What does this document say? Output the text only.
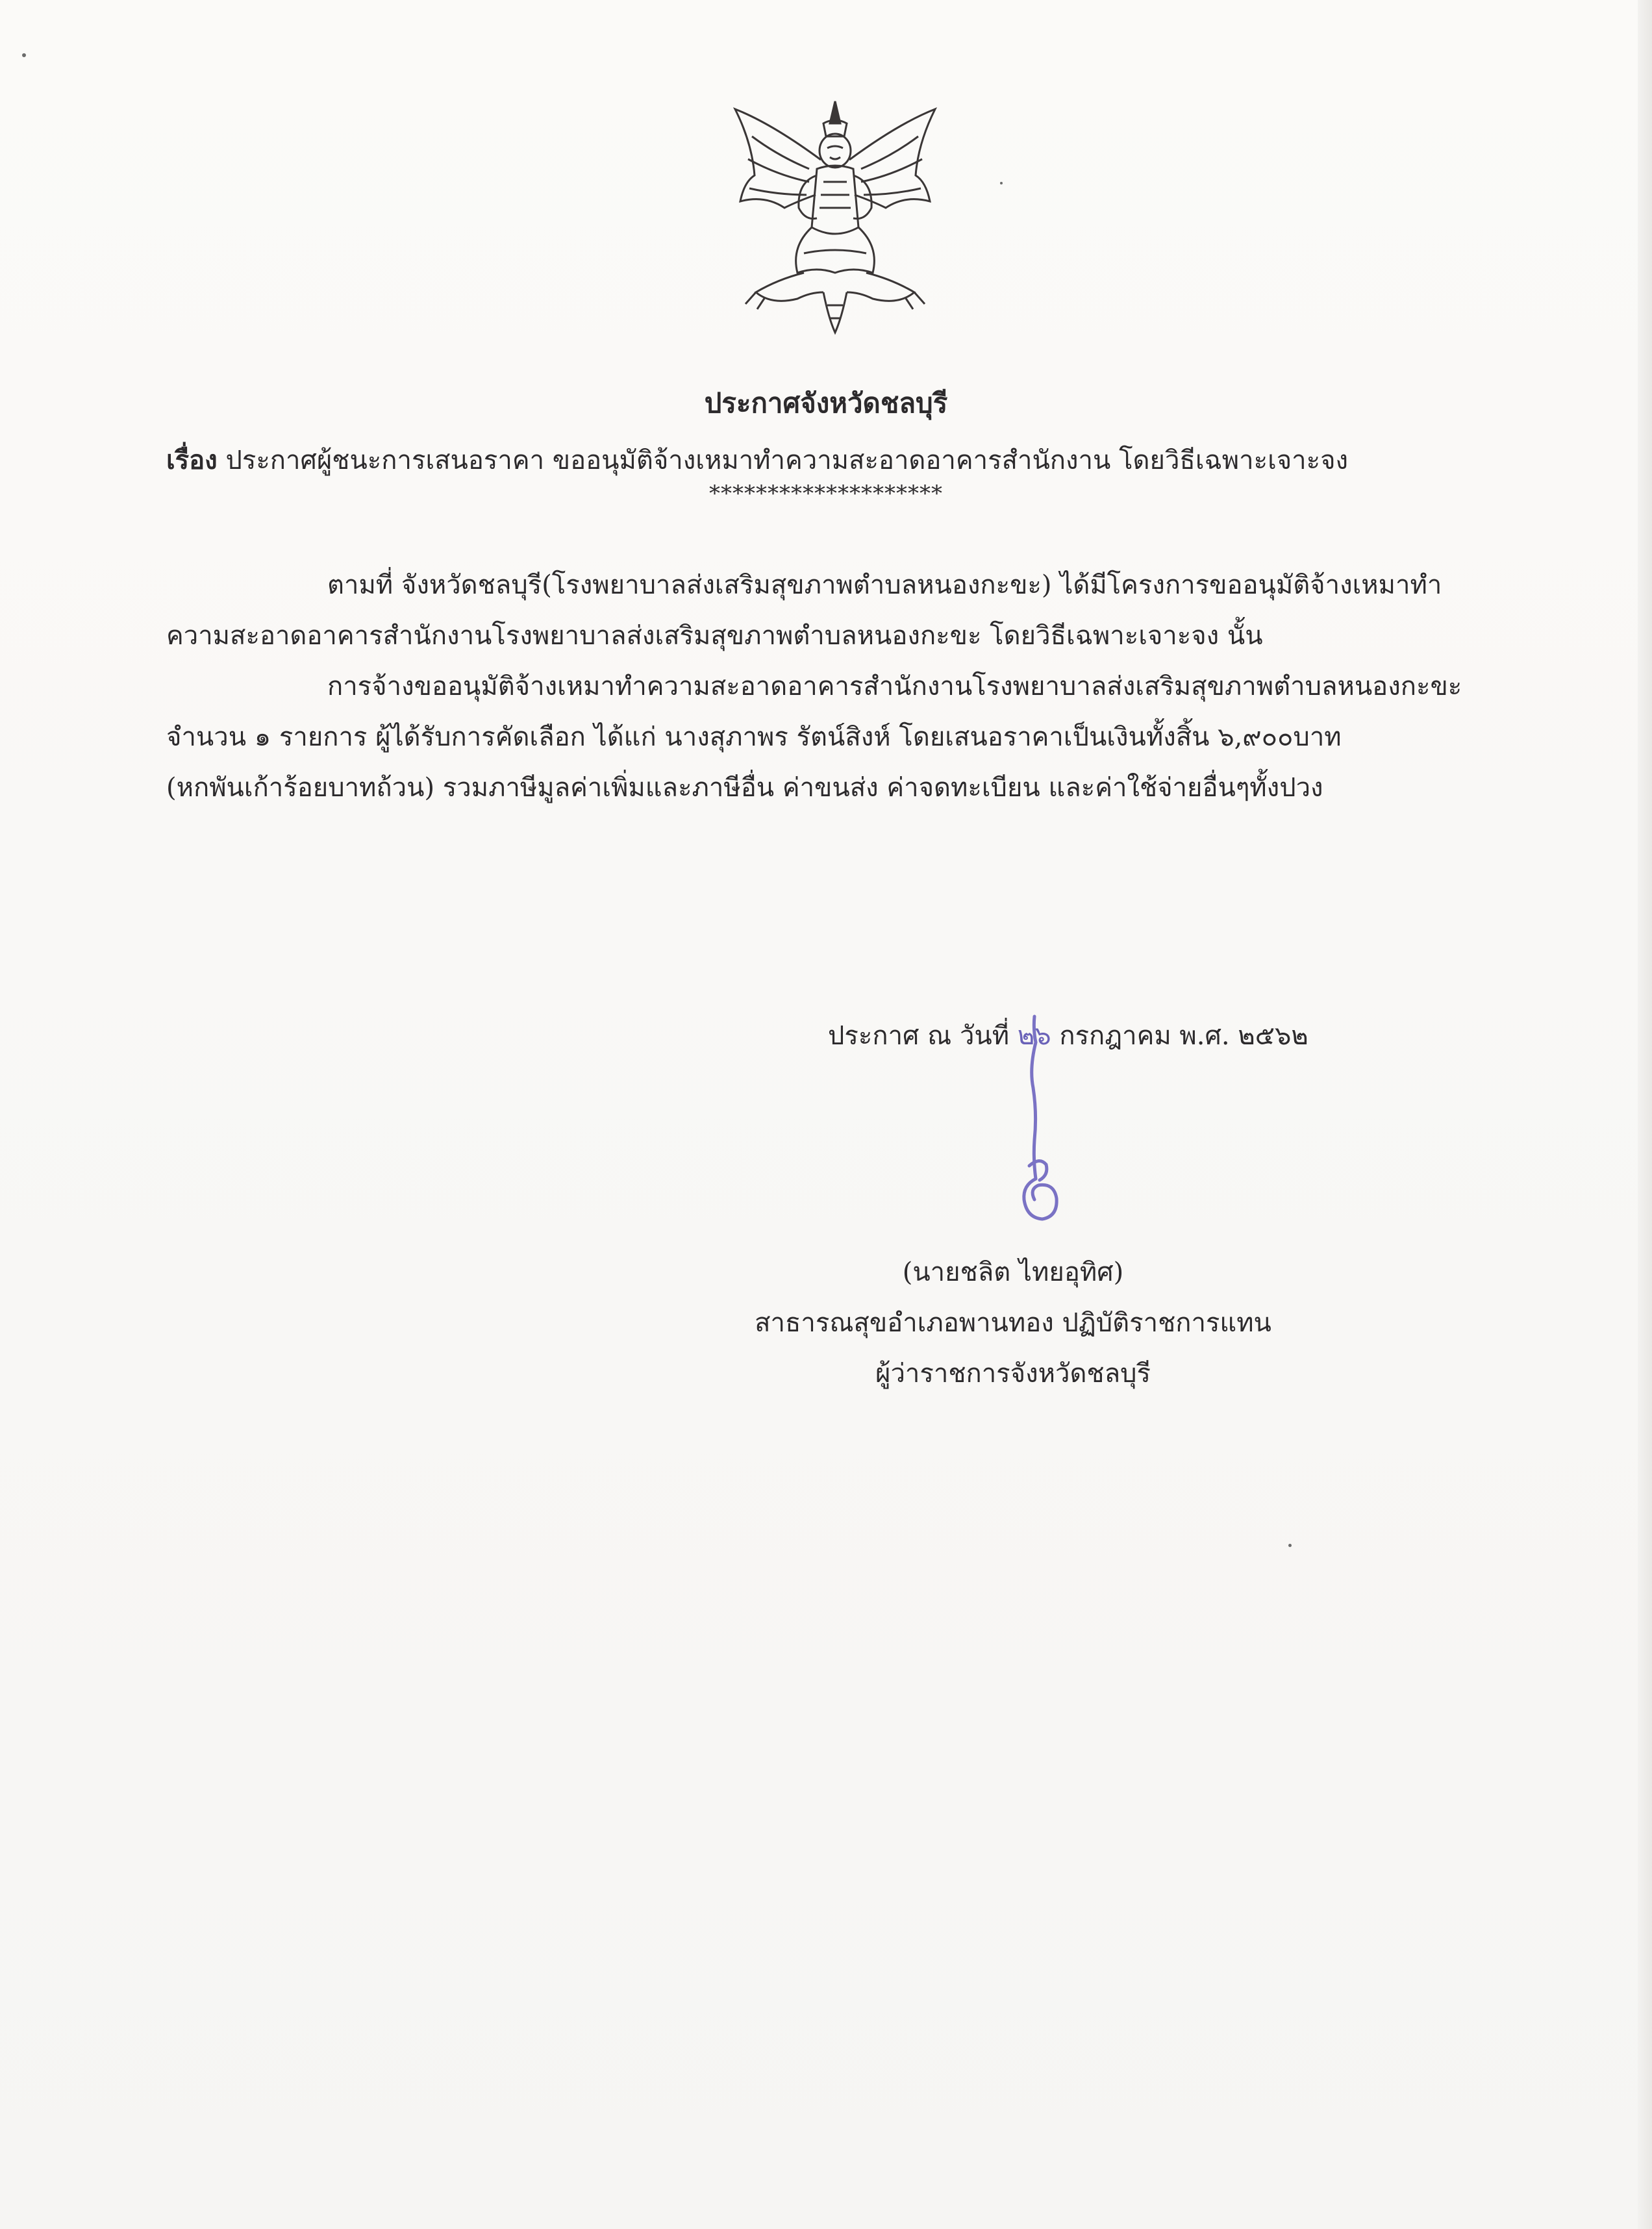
ประกาศจังหวัดชลบุรี
เรื่อง ประกาศผู้ชนะการเสนอราคา ขออนุมัติจ้างเหมาทำความสะอาดอาคารสำนักงาน โดยวิธีเฉพาะเจาะจง
********************
ตามที่ จังหวัดชลบุรี(โรงพยาบาลส่งเสริมสุขภาพตำบลหนองกะขะ) ได้มีโครงการขออนุมัติจ้างเหมาทำ
ความสะอาดอาคารสำนักงานโรงพยาบาลส่งเสริมสุขภาพตำบลหนองกะขะ โดยวิธีเฉพาะเจาะจง นั้น
การจ้างขออนุมัติจ้างเหมาทำความสะอาดอาคารสำนักงานโรงพยาบาลส่งเสริมสุขภาพตำบลหนองกะขะ
จำนวน ๑ รายการ ผู้ได้รับการคัดเลือก ได้แก่ นางสุภาพร รัตน์สิงห์ โดยเสนอราคาเป็นเงินทั้งสิ้น ๖,๙๐๐บาท
(หกพันเก้าร้อยบาทถ้วน) รวมภาษีมูลค่าเพิ่มและภาษีอื่น ค่าขนส่ง ค่าจดทะเบียน และค่าใช้จ่ายอื่นๆทั้งปวง
ประกาศ ณ วันที่ ๒๖ กรกฎาคม พ.ศ. ๒๕๖๒
(นายชลิต ไทยอุทิศ)
สาธารณสุขอำเภอพานทอง ปฏิบัติราชการแทน
ผู้ว่าราชการจังหวัดชลบุรี
